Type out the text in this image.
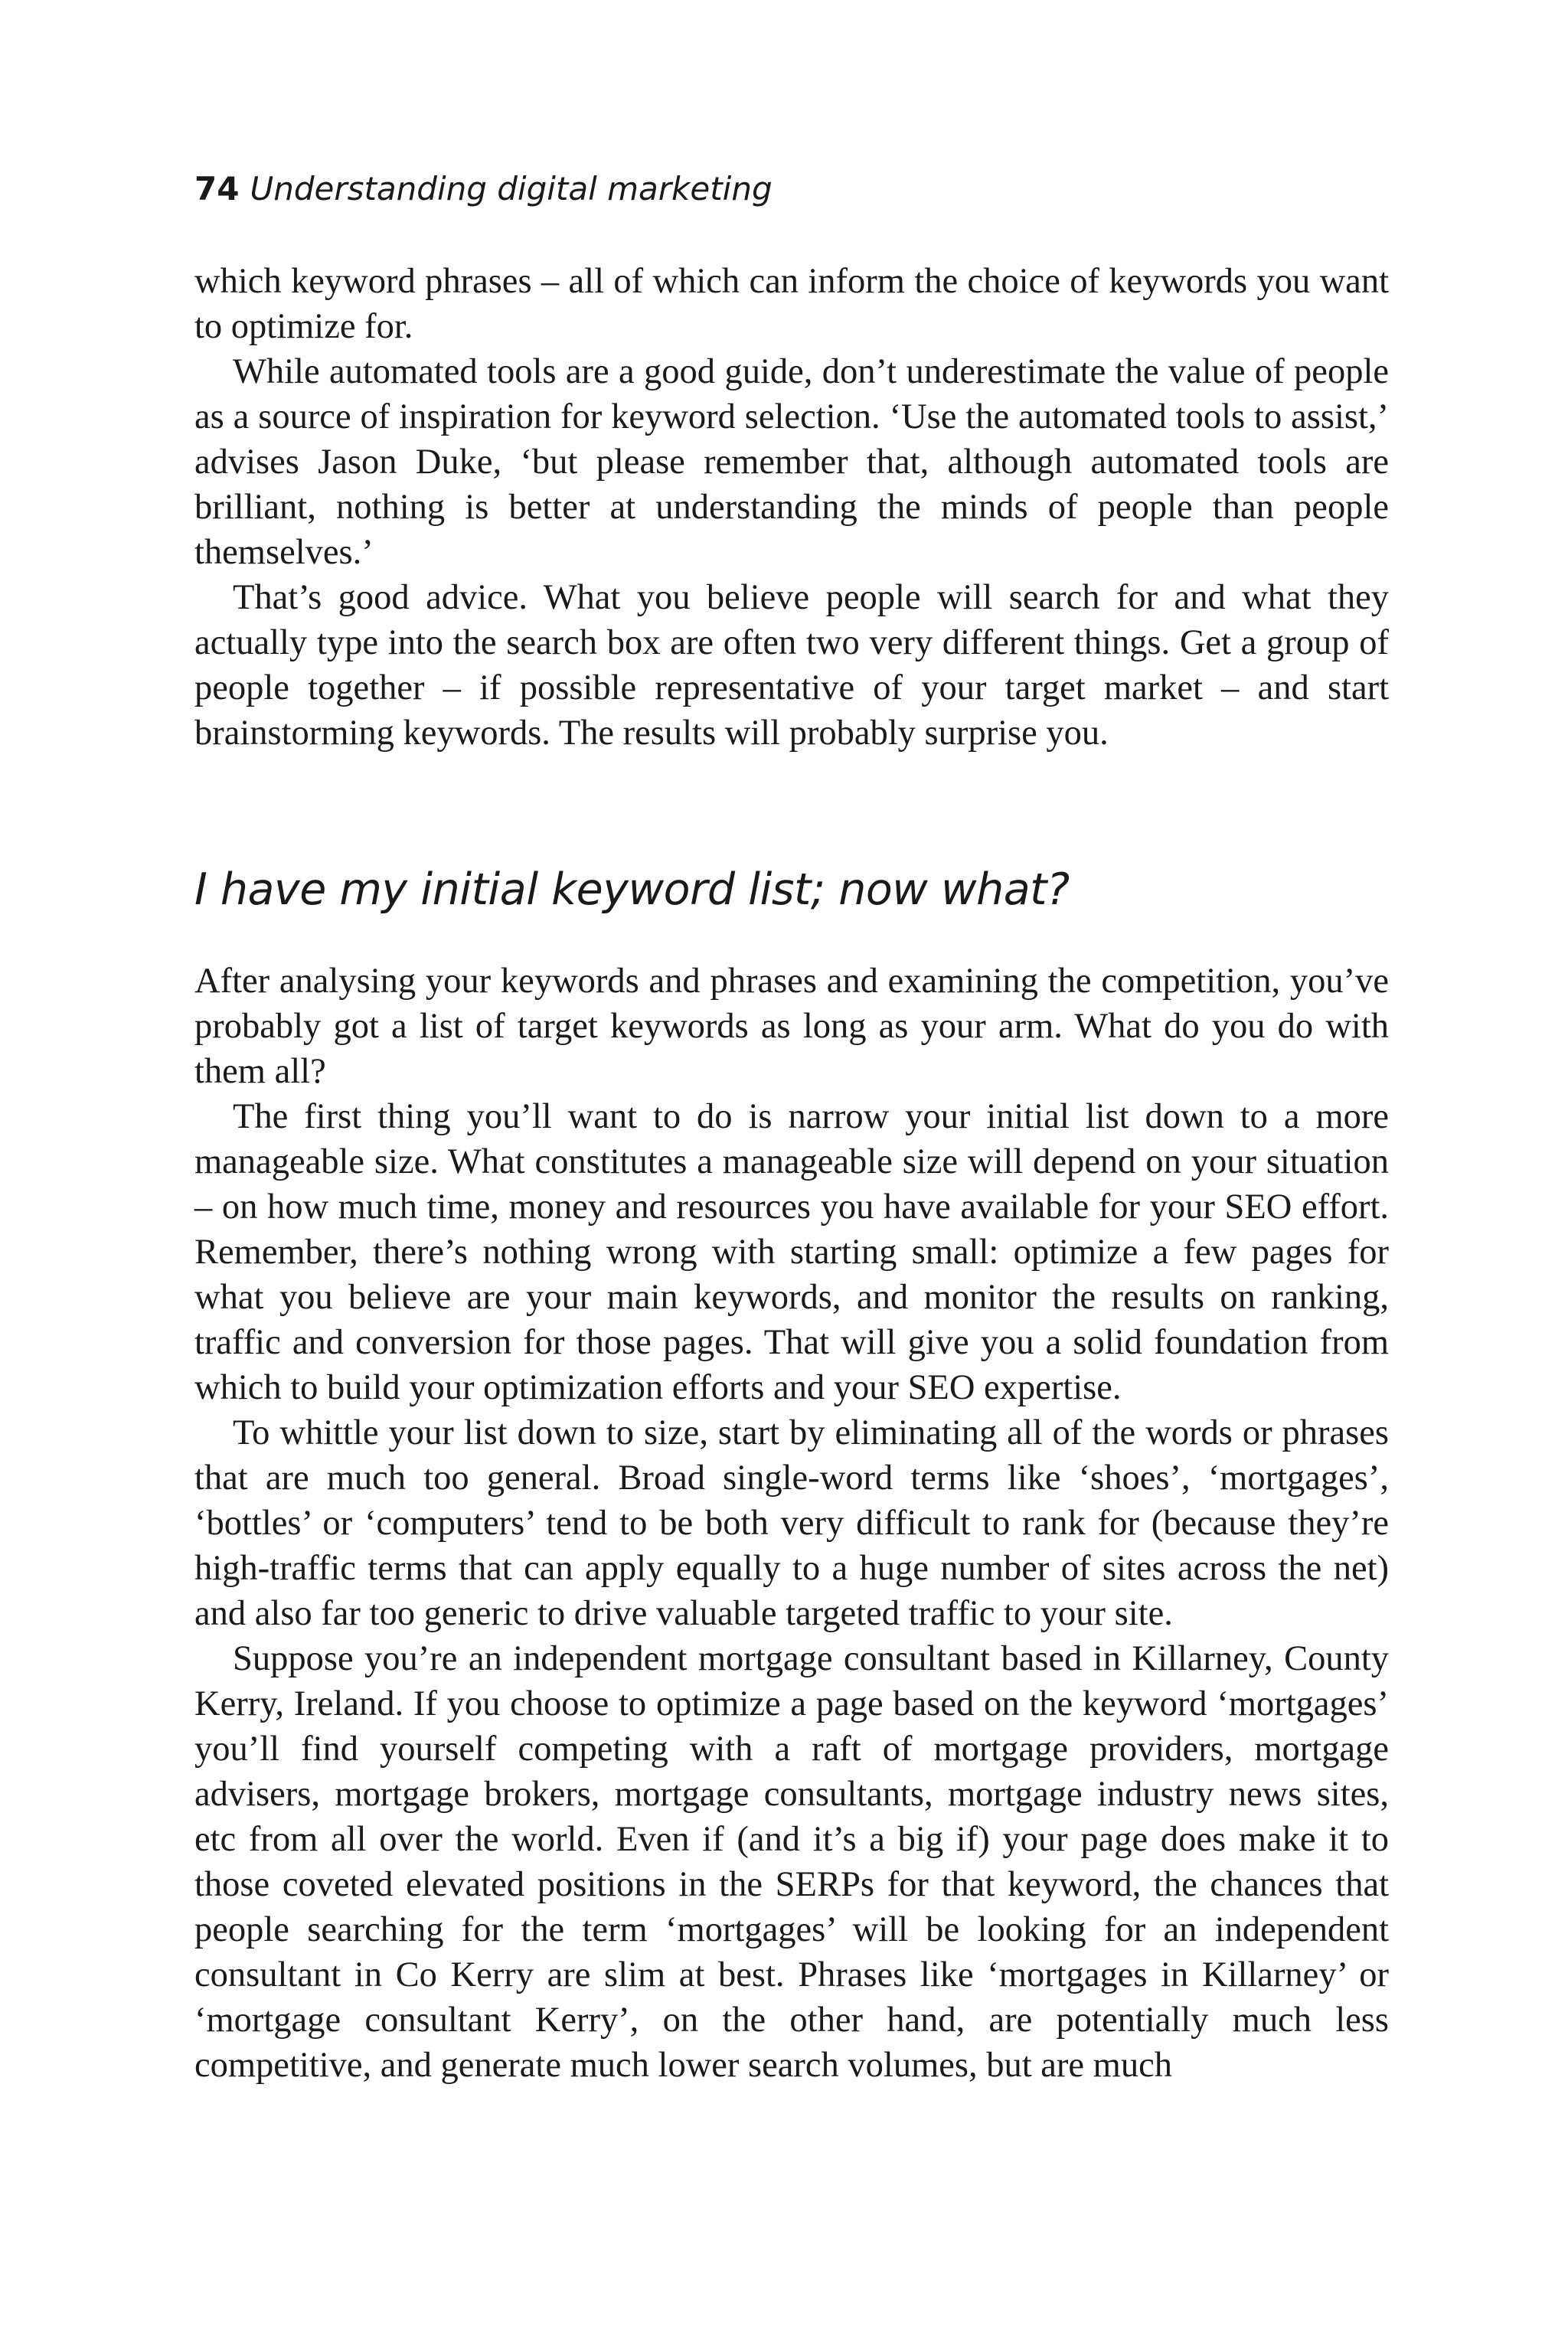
74 Understanding digital marketing

which keyword phrases – all of which can inform the choice of keywords you want to optimize for.

While automated tools are a good guide, don’t underestimate the value of people as a source of inspiration for keyword selection. ‘Use the automated tools to assist,’ advises Jason Duke, ‘but please remember that, although automated tools are brilliant, nothing is better at understanding the minds of people than people themselves.’

That’s good advice. What you believe people will search for and what they actually type into the search box are often two very different things. Get a group of people together – if possible representative of your target market – and start brainstorming keywords. The results will probably surprise you.

I have my initial keyword list; now what?

After analysing your keywords and phrases and examining the competition, you’ve probably got a list of target keywords as long as your arm. What do you do with them all?

The first thing you’ll want to do is narrow your initial list down to a more manageable size. What constitutes a manageable size will depend on your situation – on how much time, money and resources you have available for your SEO effort. Remember, there’s nothing wrong with starting small: optimize a few pages for what you believe are your main keywords, and monitor the results on ranking, traffic and conversion for those pages. That will give you a solid foundation from which to build your optimization efforts and your SEO expertise.

To whittle your list down to size, start by eliminating all of the words or phrases that are much too general. Broad single-word terms like ‘shoes’, ‘mortgages’, ‘bottles’ or ‘computers’ tend to be both very difficult to rank for (because they’re high-traffic terms that can apply equally to a huge number of sites across the net) and also far too generic to drive valuable targeted traffic to your site.

Suppose you’re an independent mortgage consultant based in Killarney, County Kerry, Ireland. If you choose to optimize a page based on the keyword ‘mortgages’ you’ll find yourself competing with a raft of mortgage providers, mortgage advisers, mortgage brokers, mortgage consultants, mortgage industry news sites, etc from all over the world. Even if (and it’s a big if) your page does make it to those coveted elevated positions in the SERPs for that keyword, the chances that people searching for the term ‘mortgages’ will be looking for an independent consultant in Co Kerry are slim at best. Phrases like ‘mortgages in Killarney’ or ‘mortgage consultant Kerry’, on the other hand, are potentially much less competitive, and generate much lower search volumes, but are much
